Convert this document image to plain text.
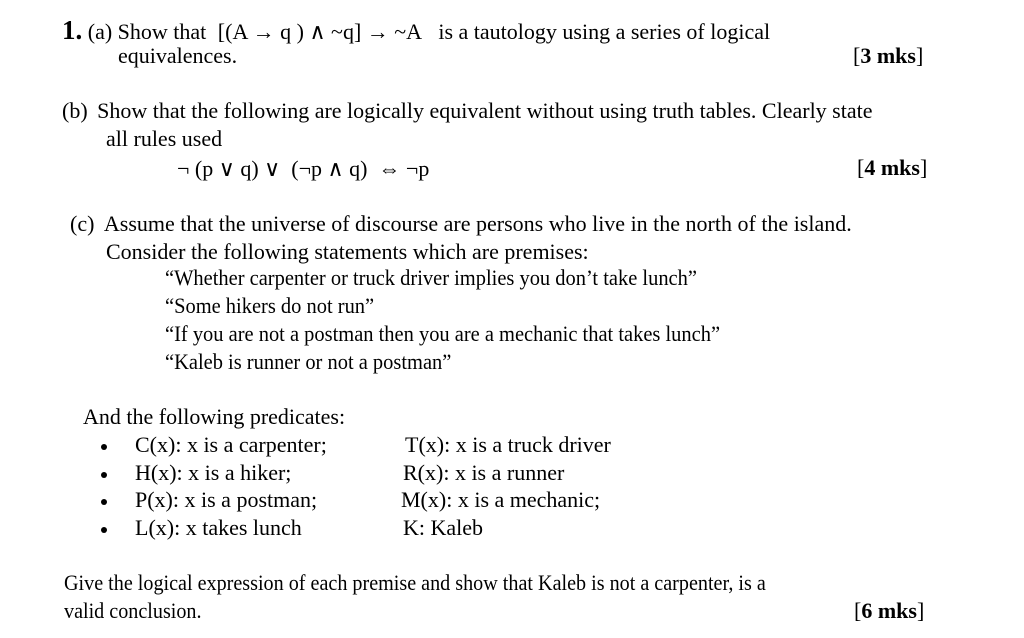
1. (a) Show that [(A → q ) ∧ ~q] → ~A is a tautology using a series of logical
equivalences.	[3 mks]
(b) Show that the following are logically equivalent without using truth tables. Clearly state
all rules used
¬ (p ∨ q) ∨  (¬p ∧ q)  ⇔ ¬p	[4 mks]
(c) Assume that the universe of discourse are persons who live in the north of the island.
Consider the following statements which are premises:
“Whether carpenter or truck driver implies you don’t take lunch”
“Some hikers do not run”
“If you are not a postman then you are a mechanic that takes lunch”
“Kaleb is runner or not a postman”
And the following predicates:
C(x): x is a carpenter;	T(x): x is a truck driver
H(x): x is a hiker;	R(x): x is a runner
P(x): x is a postman;	M(x): x is a mechanic;
L(x): x takes lunch	K: Kaleb
Give the logical expression of each premise and show that Kaleb is not a carpenter, is a
valid conclusion.	[6 mks]
